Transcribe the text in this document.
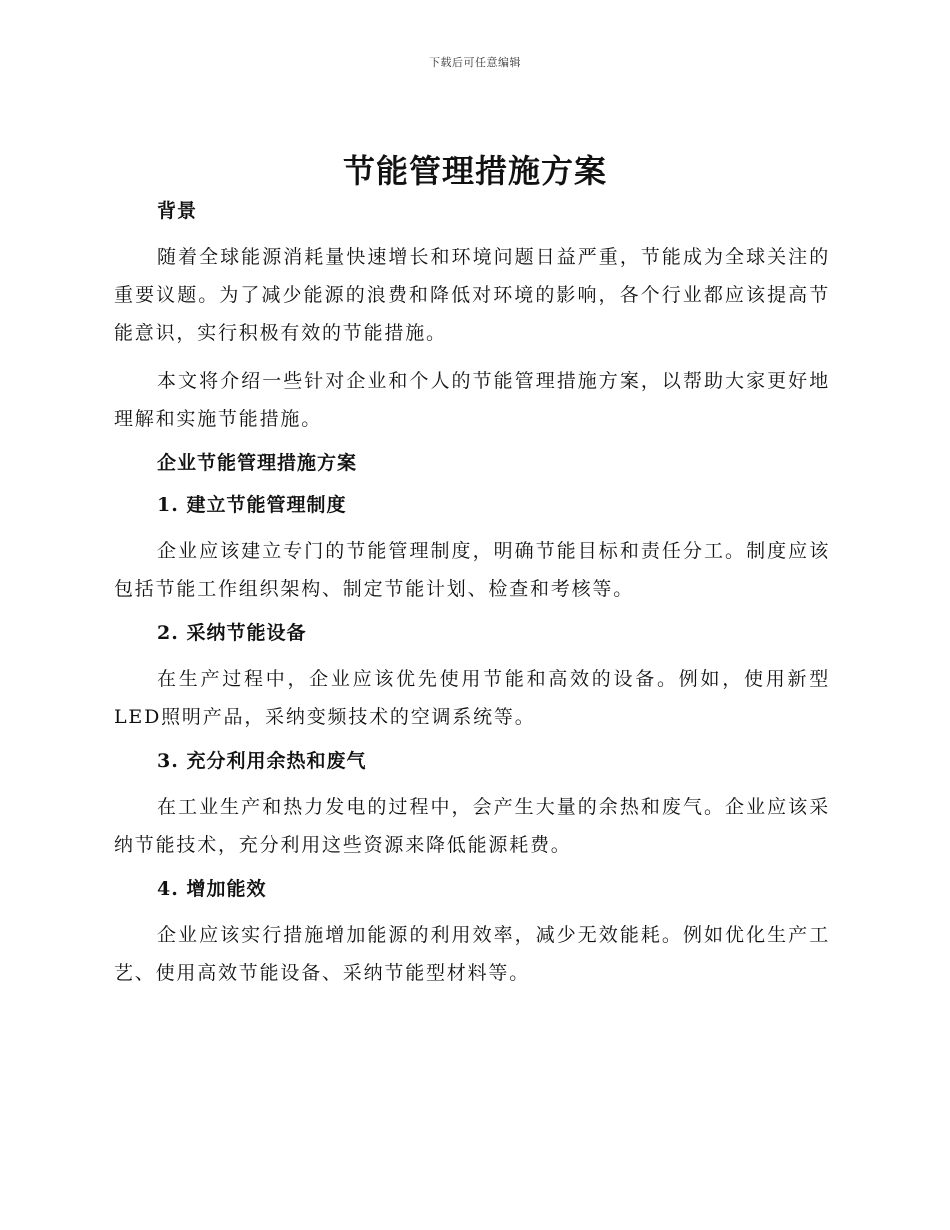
下载后可任意编辑
节能管理措施方案
背景

随着全球能源消耗量快速增长和环境问题日益严重，节能成为全球关注的重要议题。为了减少能源的浪费和降低对环境的影响，各个行业都应该提高节能意识，实行积极有效的节能措施。

本文将介绍一些针对企业和个人的节能管理措施方案，以帮助大家更好地理解和实施节能措施。

企业节能管理措施方案
1. 建立节能管理制度

企业应该建立专门的节能管理制度，明确节能目标和责任分工。制度应该包括节能工作组织架构、制定节能计划、检查和考核等。

2. 采纳节能设备

在生产过程中，企业应该优先使用节能和高效的设备。例如，使用新型LED照明产品，采纳变频技术的空调系统等。

3. 充分利用余热和废气

在工业生产和热力发电的过程中，会产生大量的余热和废气。企业应该采纳节能技术，充分利用这些资源来降低能源耗费。

4. 增加能效

企业应该实行措施增加能源的利用效率，减少无效能耗。例如优化生产工艺、使用高效节能设备、采纳节能型材料等。
